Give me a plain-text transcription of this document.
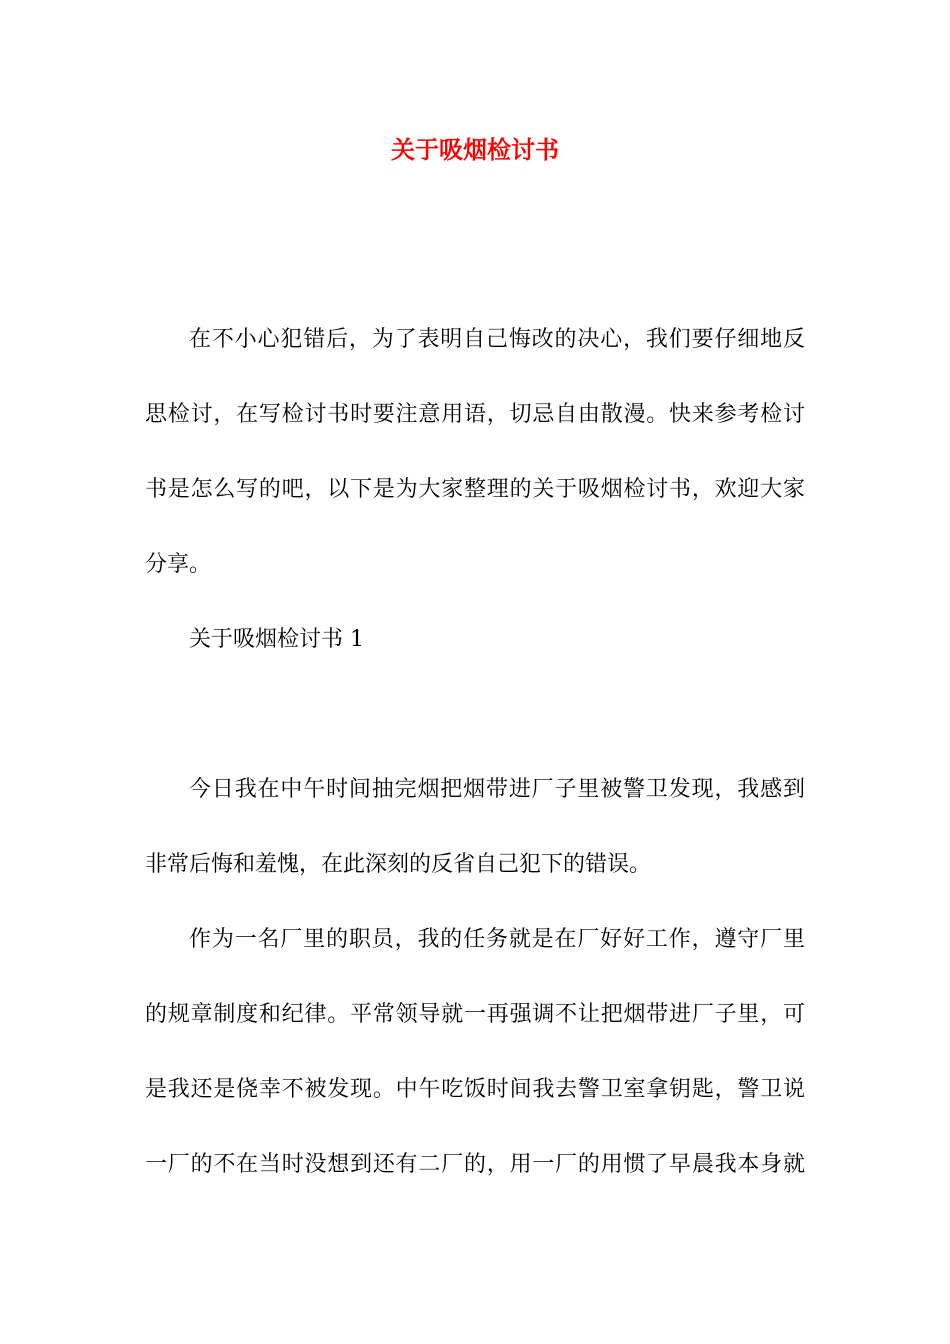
关于吸烟检讨书
在不小心犯错后，为了表明自己悔改的决心，我们要仔细地反
思检讨，在写检讨书时要注意用语，切忌自由散漫。快来参考检讨
书是怎么写的吧，以下是为大家整理的关于吸烟检讨书，欢迎大家
分享。
关于吸烟检讨书 1
今日我在中午时间抽完烟把烟带进厂子里被警卫发现，我感到
非常后悔和羞愧，在此深刻的反省自己犯下的错误。
作为一名厂里的职员，我的任务就是在厂好好工作，遵守厂里
的规章制度和纪律。平常领导就一再强调不让把烟带进厂子里，可
是我还是侥幸不被发现。中午吃饭时间我去警卫室拿钥匙，警卫说
一厂的不在当时没想到还有二厂的，用一厂的用惯了早晨我本身就
